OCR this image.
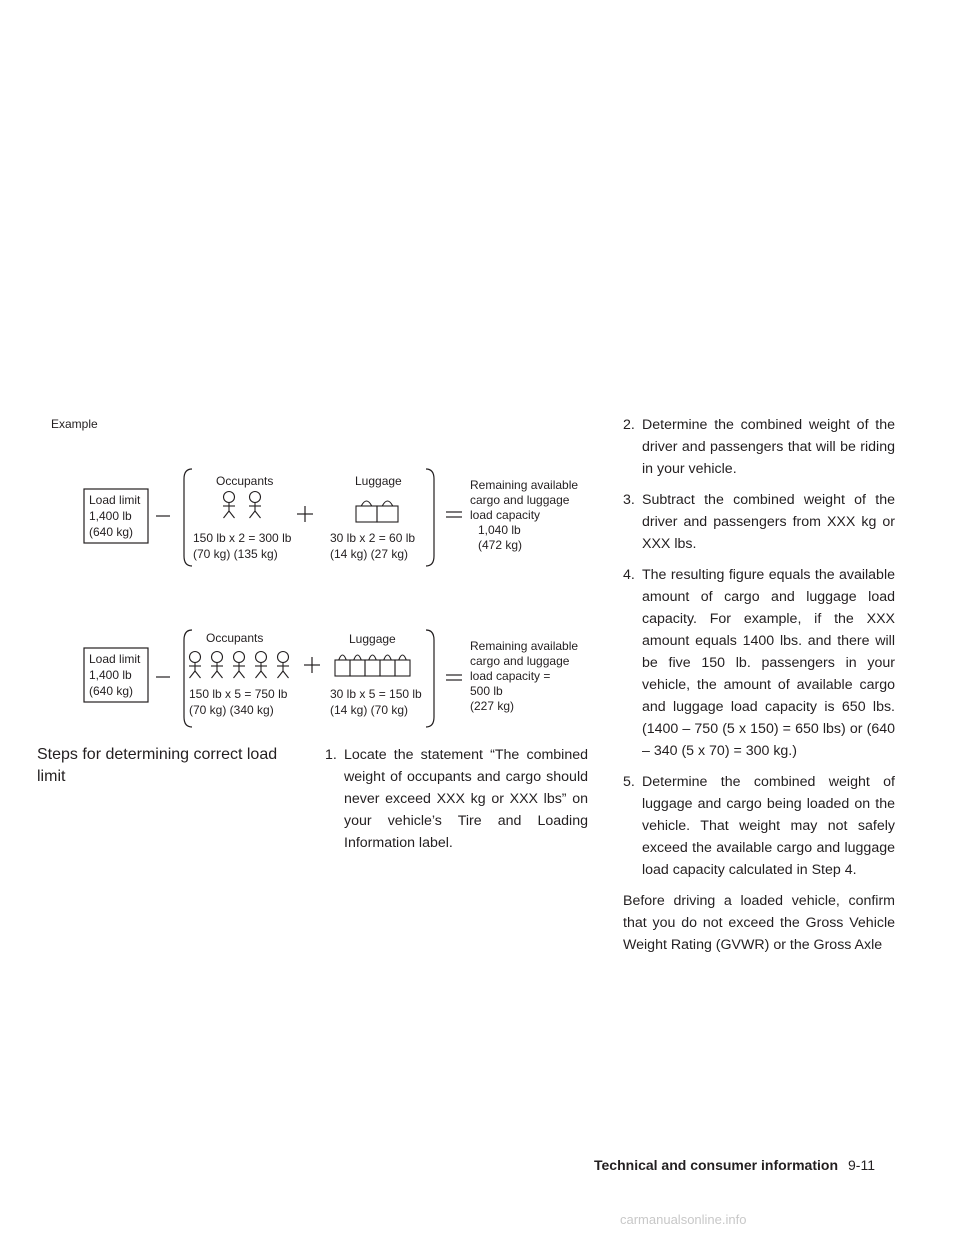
Example
Load limit
1,400 lb
(640 kg)
Occupants
150 lb x 2 = 300 lb
(70 kg) (135 kg)
Luggage
30 lb x 2 = 60 lb
(14 kg) (27 kg)
Remaining available
cargo and luggage
load capacity
1,040 lb
(472 kg)
Load limit
1,400 lb
(640 kg)
Occupants
150 lb x 5 = 750 lb
(70 kg) (340 kg)
Luggage
30 lb x 5 = 150 lb
(14 kg) (70 kg)
Remaining available
cargo and luggage
load capacity =
500 lb
(227 kg)
Steps for determining correct load limit
1. Locate the statement “The combined weight of occupants and cargo should never exceed XXX kg or XXX lbs” on your vehicle’s Tire and Loading Information label.
2. Determine the combined weight of the driver and passengers that will be riding in your vehicle.
3. Subtract the combined weight of the driver and passengers from XXX kg or XXX lbs.
4. The resulting figure equals the available amount of cargo and luggage load capacity. For example, if the XXX amount equals 1400 lbs. and there will be five 150 lb. passengers in your vehicle, the amount of available cargo and luggage load capacity is 650 lbs. (1400 – 750 (5 x 150) = 650 lbs) or (640 – 340 (5 x 70) = 300 kg.)
5. Determine the combined weight of luggage and cargo being loaded on the vehicle. That weight may not safely exceed the available cargo and luggage load capacity calculated in Step 4.

Before driving a loaded vehicle, confirm that you do not exceed the Gross Vehicle Weight Rating (GVWR) or the Gross Axle

Technical and consumer information 9-11
carmanualsonline.info
